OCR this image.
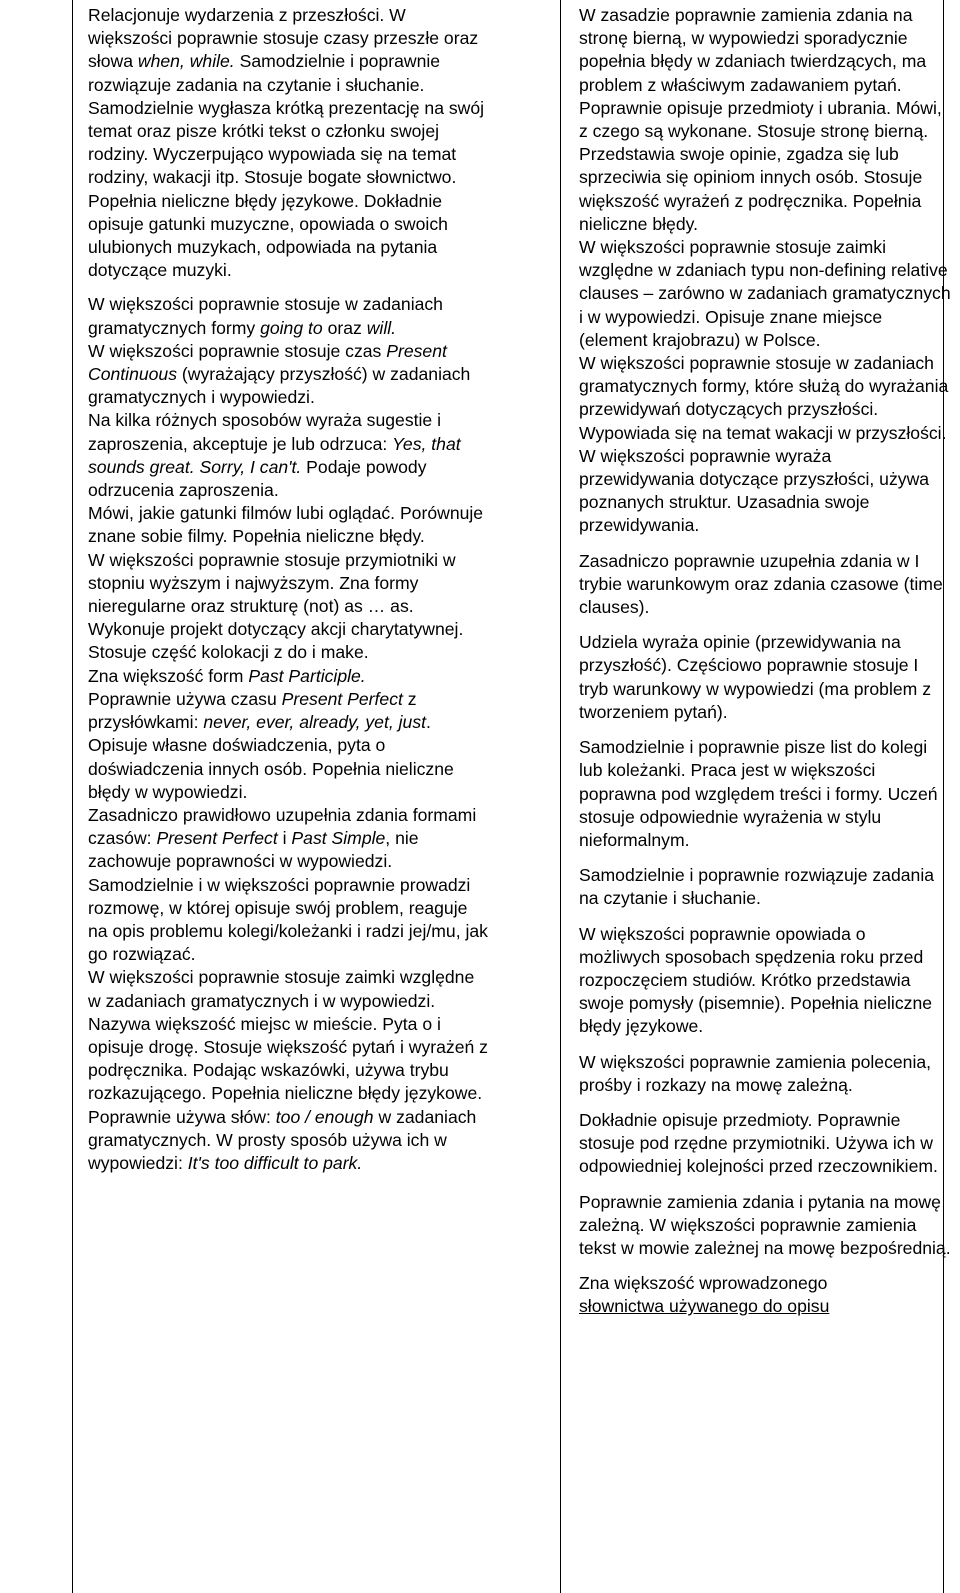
Relacjonuje wydarzenia z przeszłości. W większości poprawnie stosuje czasy przeszłe oraz słowa when, while. Samodzielnie i poprawnie rozwiązuje zadania na czytanie i słuchanie. Samodzielnie wygłasza krótką prezentację na swój temat oraz pisze krótki tekst o członku swojej rodziny. Wyczerpująco wypowiada się na temat rodziny, wakacji itp. Stosuje bogate słownictwo. Popełnia nieliczne błędy językowe. Dokładnie opisuje gatunki muzyczne, opowiada o swoich ulubionych muzykach, odpowiada na pytania dotyczące muzyki.

W większości poprawnie stosuje w zadaniach gramatycznych formy going to oraz will.

W większości poprawnie stosuje czas Present Continuous (wyrażający przyszłość) w zadaniach gramatycznych i wypowiedzi.

Na kilka różnych sposobów wyraża sugestie i zaproszenia, akceptuje je lub odrzuca: Yes, that sounds great. Sorry, I can't. Podaje powody odrzucenia zaproszenia.

Mówi, jakie gatunki filmów lubi oglądać. Porównuje znane sobie filmy. Popełnia nieliczne błędy.

W większości poprawnie stosuje przymiotniki w stopniu wyższym i najwyższym. Zna formy nieregularne oraz strukturę (not) as … as.

Wykonuje projekt dotyczący akcji charytatywnej.

Stosuje część kolokacji z do i make.

Zna większość form Past Participle.

Poprawnie używa czasu Present Perfect z przysłówkami: never, ever, already, yet, just. Opisuje własne doświadczenia, pyta o doświadczenia innych osób. Popełnia nieliczne błędy w wypowiedzi.

Zasadniczo prawidłowo uzupełnia zdania formami czasów: Present Perfect i Past Simple, nie zachowuje poprawności w wypowiedzi.

Samodzielnie i w większości poprawnie prowadzi rozmowę, w której opisuje swój problem, reaguje na opis problemu kolegi/koleżanki i radzi jej/mu, jak go rozwiązać.

W większości poprawnie stosuje zaimki względne w zadaniach gramatycznych i w wypowiedzi.

Nazywa większość miejsc w mieście. Pyta o i opisuje drogę. Stosuje większość pytań i wyrażeń z podręcznika. Podając wskazówki, używa trybu rozkazującego. Popełnia nieliczne błędy językowe.

Poprawnie używa słów: too / enough w zadaniach gramatycznych. W prosty sposób używa ich w wypowiedzi: It's too difficult to park.

W zasadzie poprawnie zamienia zdania na stronę bierną, w wypowiedzi sporadycznie popełnia błędy w zdaniach twierdzących, ma problem z właściwym zadawaniem pytań.

Poprawnie opisuje przedmioty i ubrania. Mówi, z czego są wykonane. Stosuje stronę bierną.

Przedstawia swoje opinie, zgadza się lub sprzeciwia się opiniom innych osób. Stosuje większość wyrażeń z podręcznika. Popełnia nieliczne błędy.

W większości poprawnie stosuje zaimki względne w zdaniach typu non-defining relative clauses – zarówno w zadaniach gramatycznych i w wypowiedzi. Opisuje znane miejsce (element krajobrazu) w Polsce.

W większości poprawnie stosuje w zadaniach gramatycznych formy, które służą do wyrażania przewidywań dotyczących przyszłości. Wypowiada się na temat wakacji w przyszłości. W większości poprawnie wyraża przewidywania dotyczące przyszłości, używa poznanych struktur. Uzasadnia swoje przewidywania.

Zasadniczo poprawnie uzupełnia zdania w I trybie warunkowym oraz zdania czasowe (time clauses).

Udziela wyraża opinie (przewidywania na przyszłość). Częściowo poprawnie stosuje I tryb warunkowy w wypowiedzi (ma problem z tworzeniem pytań).

Samodzielnie i poprawnie pisze list do kolegi lub koleżanki. Praca jest w większości poprawna pod względem treści i formy. Uczeń stosuje odpowiednie wyrażenia w stylu nieformalnym.

Samodzielnie i poprawnie rozwiązuje zadania na czytanie i słuchanie.

W większości poprawnie opowiada o możliwych sposobach spędzenia roku przed rozpoczęciem studiów. Krótko przedstawia swoje pomysły (pisemnie). Popełnia nieliczne błędy językowe.

W większości poprawnie zamienia polecenia, prośby i rozkazy na mowę zależną.

Dokładnie opisuje przedmioty. Poprawnie stosuje pod rzędne przymiotniki. Używa ich w odpowiedniej kolejności przed rzeczownikiem.

Poprawnie zamienia zdania i pytania na mowę zależną. W większości poprawnie zamienia tekst w mowie zależnej na mowę bezpośrednią.

Zna większość wprowadzonego
słownictwa używanego do opisu
